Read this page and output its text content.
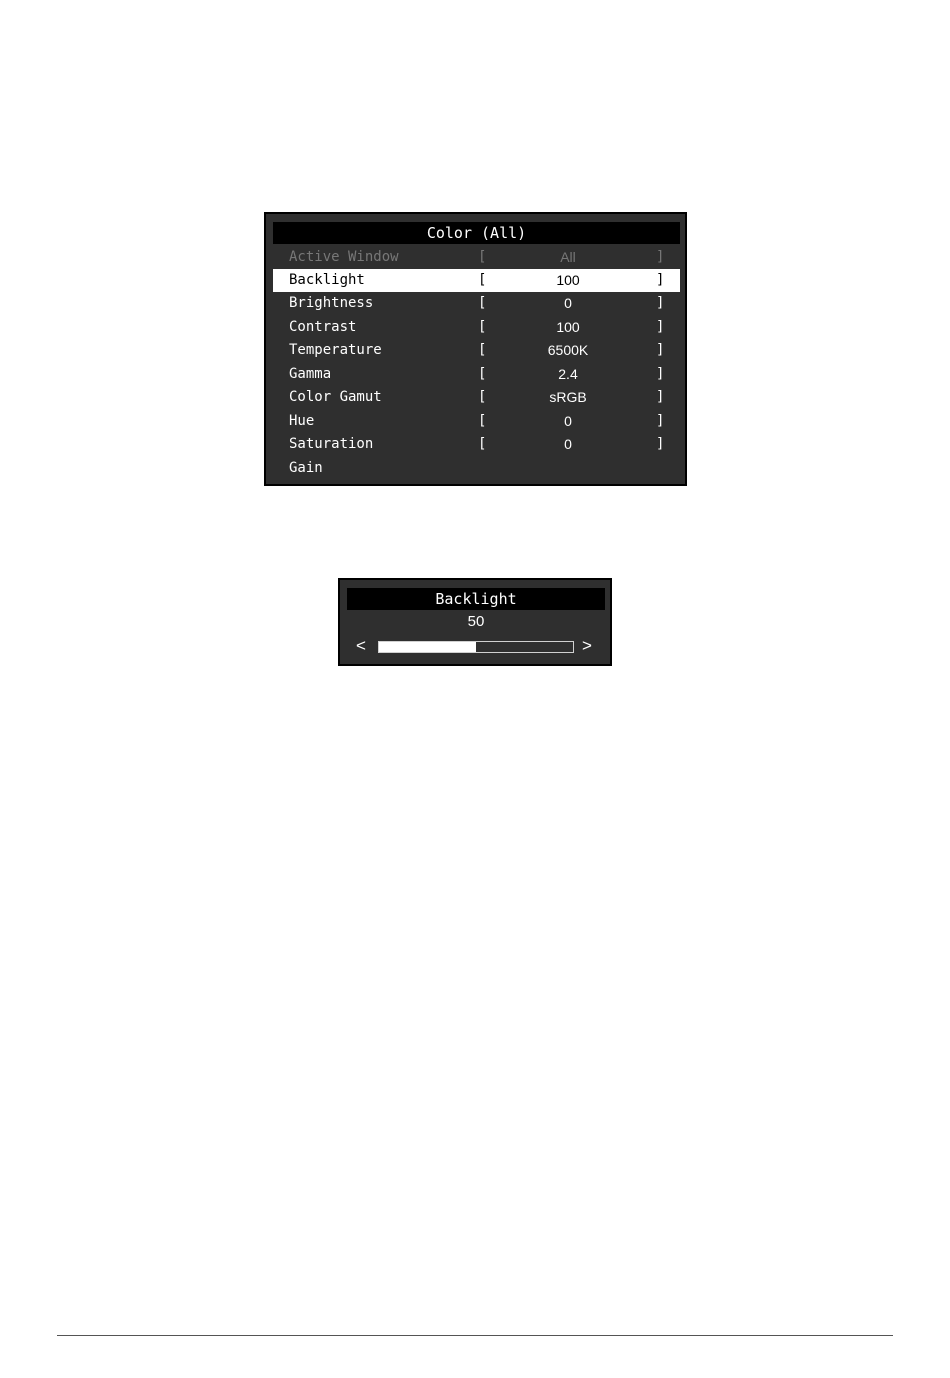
Color (All)
Active Window	[	All	]
Backlight	[	100	]
Brightness	[	0	]
Contrast	[	100	]
Temperature	[	6500K	]
Gamma	[	2.4	]
Color Gamut	[	sRGB	]
Hue	[	0	]
Saturation	[	0	]
Gain
Backlight
50
<	>
